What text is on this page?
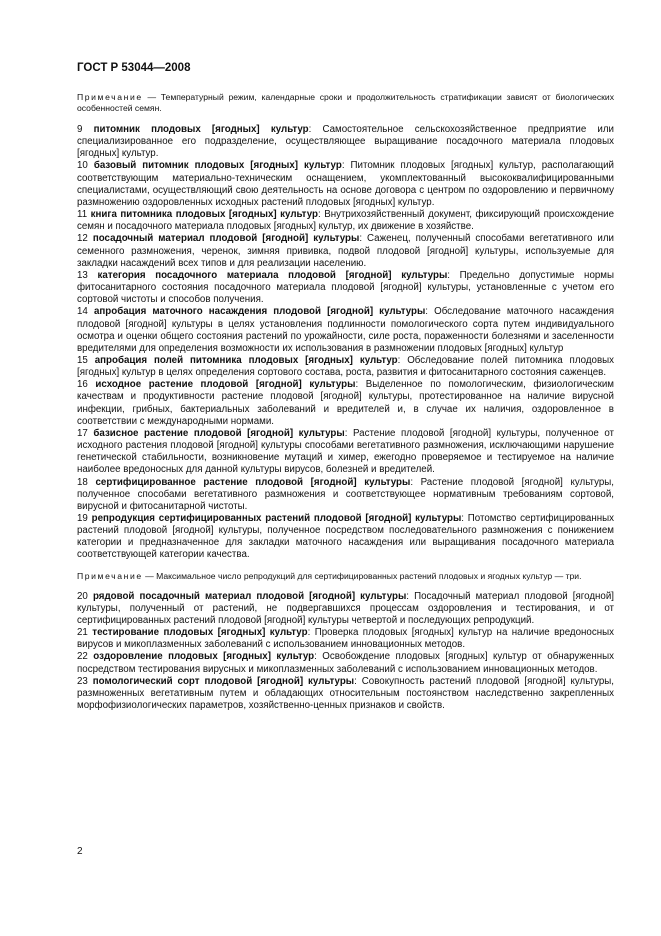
ГОСТ Р 53044—2008
Примечание — Температурный режим, календарные сроки и продолжительность стратификации зависят от биологических особенностей семян.
9 питомник плодовых [ягодных] культур: Самостоятельное сельскохозяйственное предприятие или специализированное его подразделение, осуществляющее выращивание посадочного материала плодовых [ягодных] культур.
10 базовый питомник плодовых [ягодных] культур: Питомник плодовых [ягодных] культур, располагающий соответствующим материально-техническим оснащением, укомплектованный высококвалифицированными специалистами, осуществляющий свою деятельность на основе договора с центром по оздоровлению и первичному размножению оздоровленных исходных растений плодовых [ягодных] культур.
11 книга питомника плодовых [ягодных] культур: Внутрихозяйственный документ, фиксирующий происхождение семян и посадочного материала плодовых [ягодных] культур, их движение в хозяйстве.
12 посадочный материал плодовой [ягодной] культуры: Саженец, полученный способами вегетативного или семенного размножения, черенок, зимняя прививка, подвой плодовой [ягодной] культуры, используемые для закладки насаждений всех типов и для реализации населению.
13 категория посадочного материала плодовой [ягодной] культуры: Предельно допустимые нормы фитосанитарного состояния посадочного материала плодовой [ягодной] культуры, установленные с учетом его сортовой чистоты и способов получения.
14 апробация маточного насаждения плодовой [ягодной] культуры: Обследование маточного насаждения плодовой [ягодной] культуры в целях установления подлинности помологического сорта путем индивидуального осмотра и оценки общего состояния растений по урожайности, силе роста, пораженности болезнями и заселенности вредителями для определения возможности их использования в размножении плодовых [ягодных] культур
15 апробация полей питомника плодовых [ягодных] культур: Обследование полей питомника плодовых [ягодных] культур в целях определения сортового состава, роста, развития и фитосанитарного состояния саженцев.
16 исходное растение плодовой [ягодной] культуры: Выделенное по помологическим, физиологическим качествам и продуктивности растение плодовой [ягодной] культуры, протестированное на наличие вирусной инфекции, грибных, бактериальных заболеваний и вредителей и, в случае их наличия, оздоровленное в соответствии с международными нормами.
17 базисное растение плодовой [ягодной] культуры: Растение плодовой [ягодной] культуры, полученное от исходного растения плодовой [ягодной] культуры способами вегетативного размножения, исключающими нарушение генетической стабильности, возникновение мутаций и химер, ежегодно проверяемое и тестируемое на наличие наиболее вредоносных для данной культуры вирусов, болезней и вредителей.
18 сертифицированное растение плодовой [ягодной] культуры: Растение плодовой [ягодной] культуры, полученное способами вегетативного размножения и соответствующее нормативным требованиям сортовой, вирусной и фитосанитарной чистоты.
19 репродукция сертифицированных растений плодовой [ягодной] культуры: Потомство сертифицированных растений плодовой [ягодной] культуры, полученное посредством последовательного размножения с понижением категории и предназначенное для закладки маточного насаждения или выращивания посадочного материала соответствующей категории качества.
Примечание — Максимальное число репродукций для сертифицированных растений плодовых и ягодных культур — три.
20 рядовой посадочный материал плодовой [ягодной] культуры: Посадочный материал плодовой [ягодной] культуры, полученный от растений, не подвергавшихся процессам оздоровления и тестирования, и от сертифицированных растений плодовой [ягодной] культуры четвертой и последующих репродукций.
21 тестирование плодовых [ягодных] культур: Проверка плодовых [ягодных] культур на наличие вредоносных вирусов и микоплазменных заболеваний с использованием инновационных методов.
22 оздоровление плодовых [ягодных] культур: Освобождение плодовых [ягодных] культур от обнаруженных посредством тестирования вирусных и микоплазменных заболеваний с использованием инновационных методов.
23 помологический сорт плодовой [ягодной] культуры: Совокупность растений плодовой [ягодной] культуры, размноженных вегетативным путем и обладающих относительным постоянством наследственно закрепленных морфофизиологических параметров, хозяйственно-ценных признаков и свойств.
2
